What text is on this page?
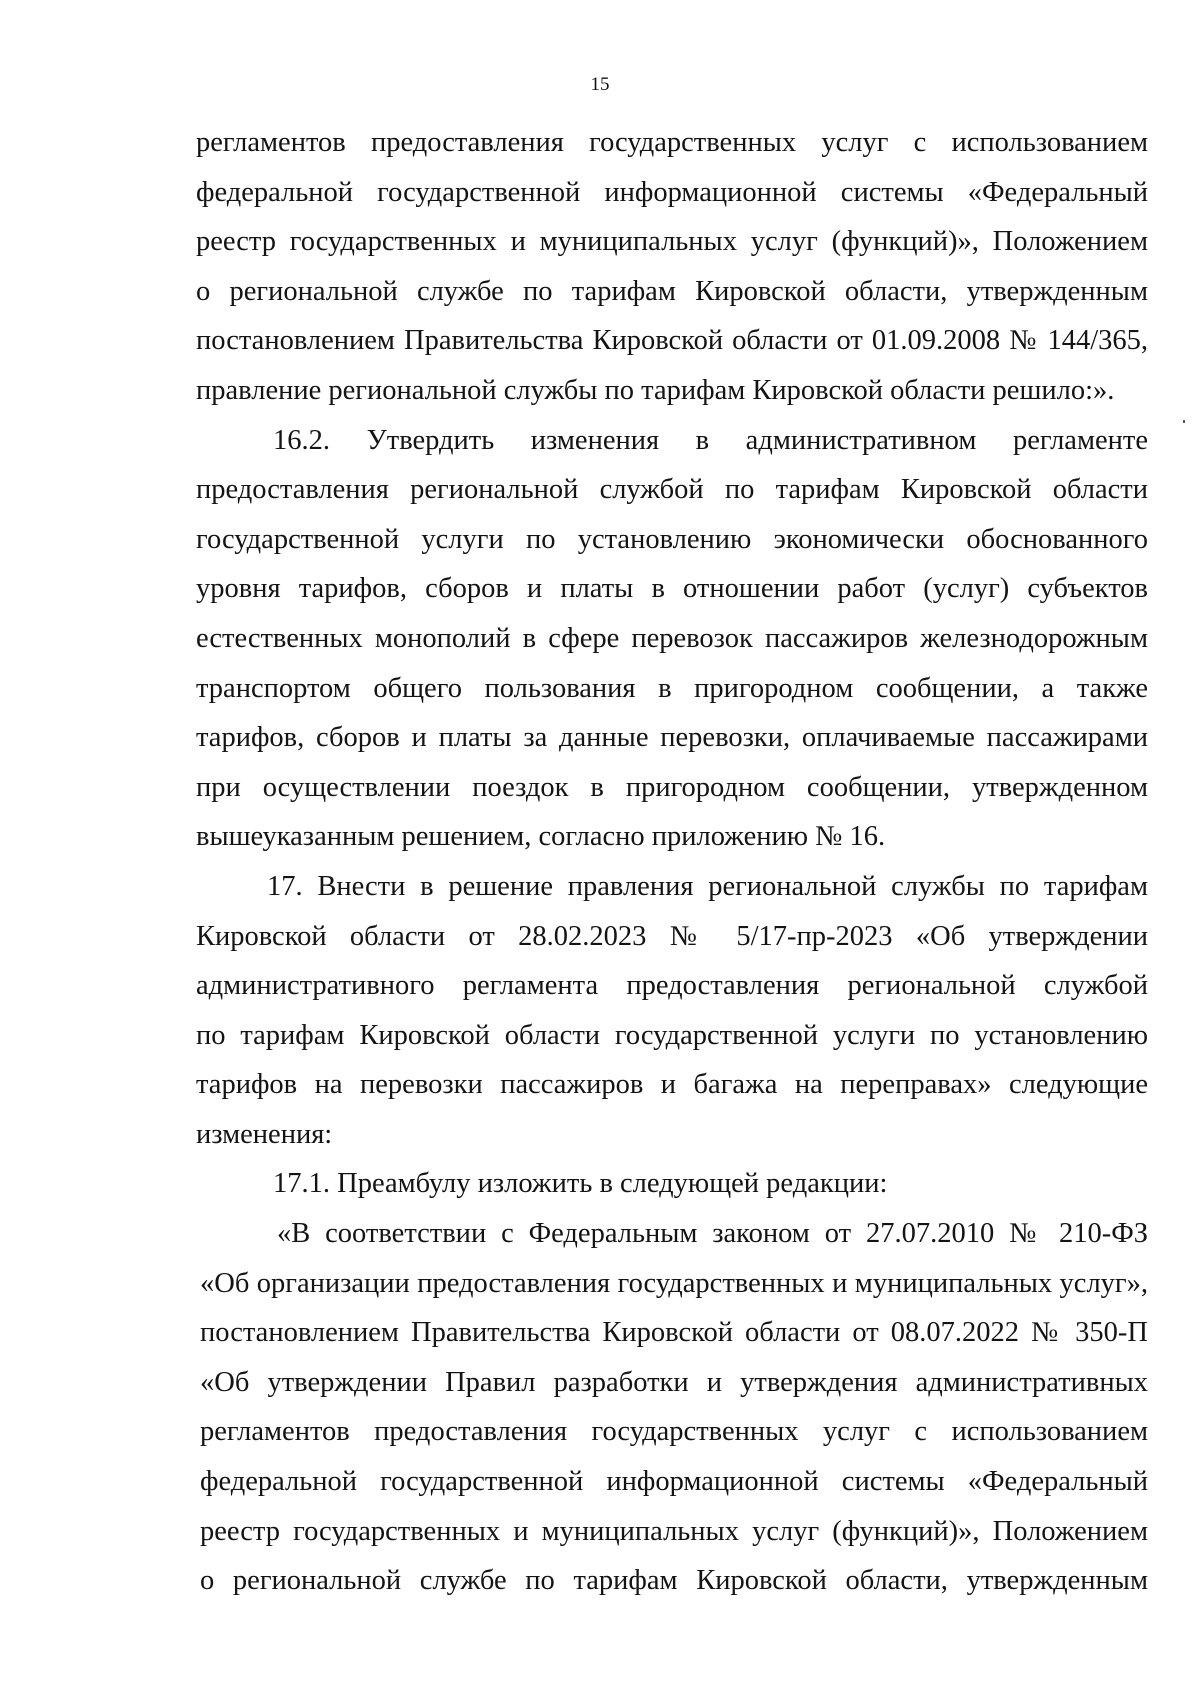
15
регламентов предоставления государственных услуг с использованием
федеральной государственной информационной системы «Федеральный
реестр государственных и муниципальных услуг (функций)», Положением
о региональной службе по тарифам Кировской области, утвержденным
постановлением Правительства Кировской области от 01.09.2008 № 144/365,
правление региональной службы по тарифам Кировской области решило:».
16.2. Утвердить изменения в административном регламенте
предоставления региональной службой по тарифам Кировской области
государственной услуги по установлению экономически обоснованного
уровня тарифов, сборов и платы в отношении работ (услуг) субъектов
естественных монополий в сфере перевозок пассажиров железнодорожным
транспортом общего пользования в пригородном сообщении, а также
тарифов, сборов и платы за данные перевозки, оплачиваемые пассажирами
при осуществлении поездок в пригородном сообщении, утвержденном
вышеуказанным решением, согласно приложению № 16.
17. Внести в решение правления региональной службы по тарифам
Кировской области от 28.02.2023 № 5/17-пр-2023 «Об утверждении
административного регламента предоставления региональной службой
по тарифам Кировской области государственной услуги по установлению
тарифов на перевозки пассажиров и багажа на переправах» следующие
изменения:
17.1. Преамбулу изложить в следующей редакции:
«В соответствии с Федеральным законом от 27.07.2010 № 210-ФЗ
«Об организации предоставления государственных и муниципальных услуг»,
постановлением Правительства Кировской области от 08.07.2022 № 350-П
«Об утверждении Правил разработки и утверждения административных
регламентов предоставления государственных услуг с использованием
федеральной государственной информационной системы «Федеральный
реестр государственных и муниципальных услуг (функций)», Положением
о региональной службе по тарифам Кировской области, утвержденным
